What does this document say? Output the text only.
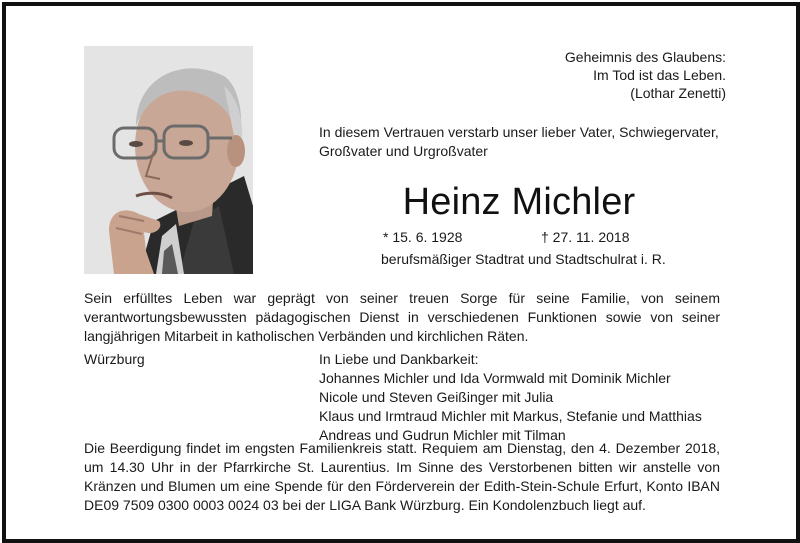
Geheimnis des Glaubens:
Im Tod ist das Leben.
(Lothar Zenetti)
In diesem Vertrauen verstarb unser lieber Vater, Schwiegervater, Großvater und Urgroßvater
Heinz Michler
* 15. 6. 1928	† 27. 11. 2018
berufsmäßiger Stadtrat und Stadtschulrat i. R.
Sein erfülltes Leben war geprägt von seiner treuen Sorge für seine Familie, von seinem verantwortungsbewussten pädagogischen Dienst in verschiedenen Funktionen sowie von seiner langjährigen Mitarbeit in katholischen Verbänden und kirchlichen Räten.
Würzburg	In Liebe und Dankbarkeit:
Johannes Michler und Ida Vormwald mit Dominik Michler
Nicole und Steven Geißinger mit Julia
Klaus und Irmtraud Michler mit Markus, Stefanie und Matthias
Andreas und Gudrun Michler mit Tilman
Die Beerdigung findet im engsten Familienkreis statt. Requiem am Dienstag, den 4. Dezember 2018, um 14.30 Uhr in der Pfarrkirche St. Laurentius. Im Sinne des Verstorbenen bitten wir anstelle von Kränzen und Blumen um eine Spende für den Förderverein der Edith-Stein-Schule Erfurt, Konto IBAN DE09 7509 0300 0003 0024 03 bei der LIGA Bank Würzburg. Ein Kondolenzbuch liegt auf.
